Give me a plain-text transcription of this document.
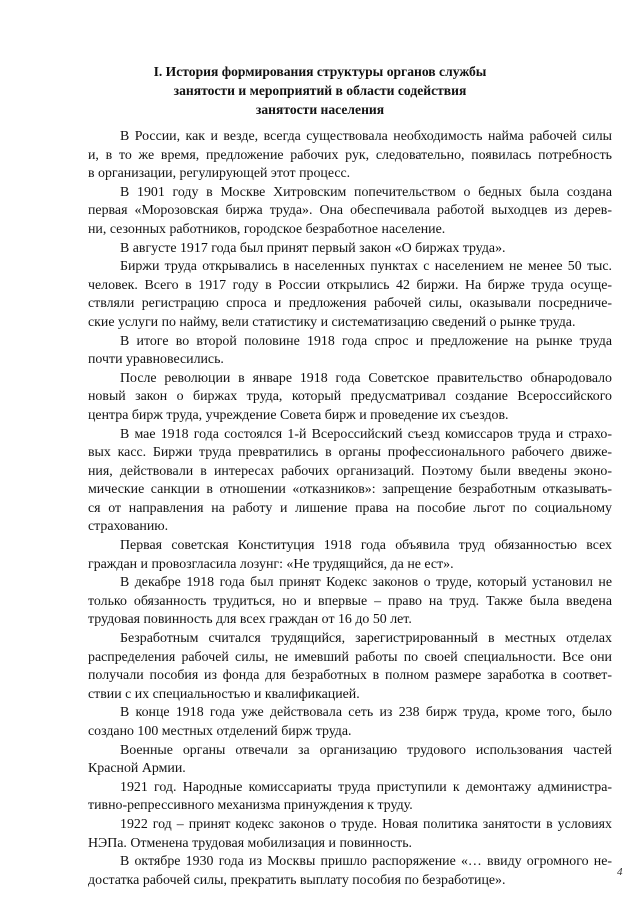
I. История формирования структуры органов службы
занятости и мероприятий в области содействия
занятости населения
В России, как и везде, всегда существовала необходимость найма рабочей силы
и, в то же время, предложение рабочих рук, следовательно, появилась потребность
в организации, регулирующей этот процесс.
В 1901 году в Москве Хитровским попечительством о бедных была создана
первая «Морозовская биржа труда». Она обеспечивала работой выходцев из дерев-
ни, сезонных работников, городское безработное население.
В августе 1917 года был принят первый закон «О биржах труда».
Биржи труда открывались в населенных пунктах с населением не менее 50 тыс.
человек. Всего в 1917 году в России открылись 42 биржи. На бирже труда осуще-
ствляли регистрацию спроса и предложения рабочей силы, оказывали посредниче-
ские услуги по найму, вели статистику и систематизацию сведений о рынке труда.
В итоге во второй половине 1918 года спрос и предложение на рынке труда
почти уравновесились.
После революции в январе 1918 года Советское правительство обнародовало
новый закон о биржах труда, который предусматривал создание Всероссийского
центра бирж труда, учреждение Совета бирж и проведение их съездов.
В мае 1918 года состоялся 1-й Всероссийский съезд комиссаров труда и страхо-
вых касс. Биржи труда превратились в органы профессионального рабочего движе-
ния, действовали в интересах рабочих организаций. Поэтому были введены эконо-
мические санкции в отношении «отказников»: запрещение безработным отказывать-
ся от направления на работу и лишение права на пособие льгот по социальному
страхованию.
Первая советская Конституция 1918 года объявила труд обязанностью всех
граждан и провозгласила лозунг: «Не трудящийся, да не ест».
В декабре 1918 года был принят Кодекс законов о труде, который установил не
только обязанность трудиться, но и впервые – право на труд. Также была введена
трудовая повинность для всех граждан от 16 до 50 лет.
Безработным считался трудящийся, зарегистрированный в местных отделах
распределения рабочей силы, не имевший работы по своей специальности. Все они
получали пособия из фонда для безработных в полном размере заработка в соответ-
ствии с их специальностью и квалификацией.
В конце 1918 года уже действовала сеть из 238 бирж труда, кроме того, было
создано 100 местных отделений бирж труда.
Военные органы отвечали за организацию трудового использования частей
Красной Армии.
1921 год. Народные комиссариаты труда приступили к демонтажу администра-
тивно-репрессивного механизма принуждения к труду.
1922 год – принят кодекс законов о труде. Новая политика занятости в условиях
НЭПа. Отменена трудовая мобилизация и повинность.
В октябре 1930 года из Москвы пришло распоряжение «… ввиду огромного не-
достатка рабочей силы, прекратить выплату пособия по безработице».
4
